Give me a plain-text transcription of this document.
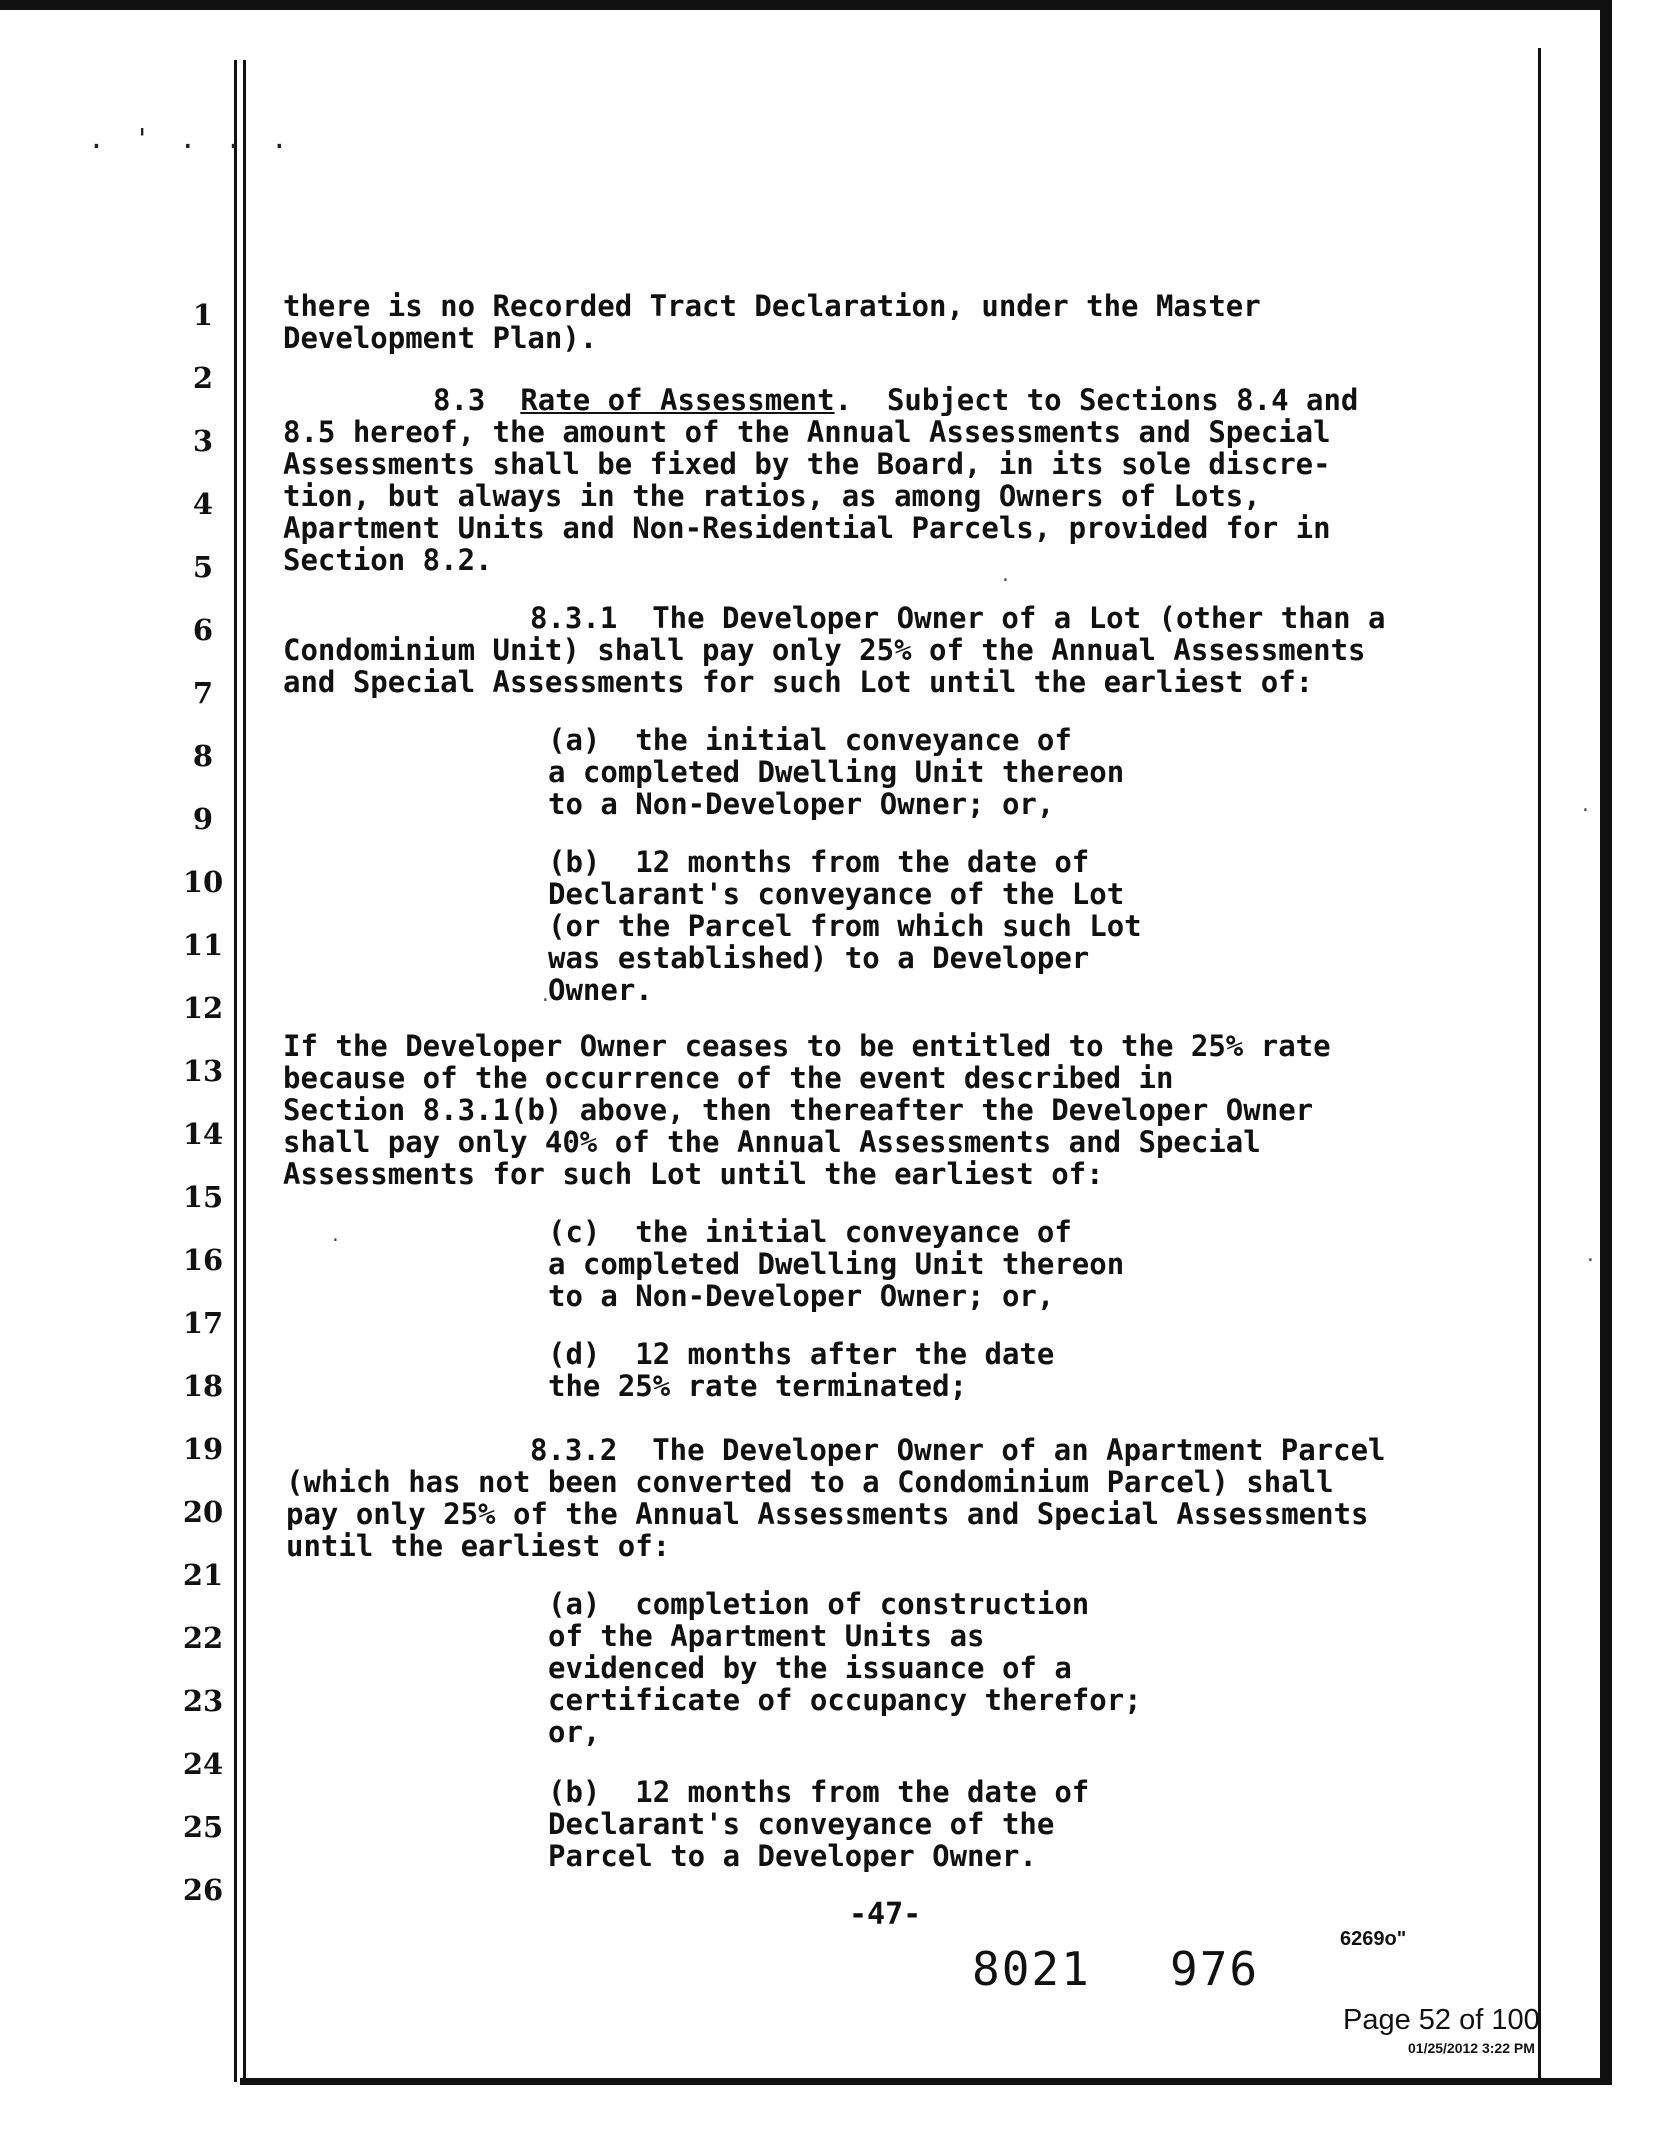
. ' . . .
1
2
3
4
5
6
7
8
9
10
11
12
13
14
15
16
17
18
19
20
21
22
23
24
25
26
there is no Recorded Tract Declaration, under the Master
Development Plan).
8.3 Rate of Assessment.  Subject to Sections 8.4 and
8.5 hereof, the amount of the Annual Assessments and Special
Assessments shall be fixed by the Board, in its sole discre-
tion, but always in the ratios, as among Owners of Lots,
Apartment Units and Non-Residential Parcels, provided for in
Section 8.2.
8.3.1  The Developer Owner of a Lot (other than a
Condominium Unit) shall pay only 25% of the Annual Assessments
and Special Assessments for such Lot until the earliest of:
(a)  the initial conveyance of
a completed Dwelling Unit thereon
to a Non-Developer Owner; or,
(b)  12 months from the date of
Declarant's conveyance of the Lot
(or the Parcel from which such Lot
was established) to a Developer
Owner.
If the Developer Owner ceases to be entitled to the 25% rate
because of the occurrence of the event described in
Section 8.3.1(b) above, then thereafter the Developer Owner
shall pay only 40% of the Annual Assessments and Special
Assessments for such Lot until the earliest of:
(c)  the initial conveyance of
a completed Dwelling Unit thereon
to a Non-Developer Owner; or,
(d)  12 months after the date
the 25% rate terminated;
8.3.2  The Developer Owner of an Apartment Parcel
(which has not been converted to a Condominium Parcel) shall
pay only 25% of the Annual Assessments and Special Assessments
until the earliest of:
(a)  completion of construction
of the Apartment Units as
evidenced by the issuance of a
certificate of occupancy therefor;
or,
(b)  12 months from the date of
Declarant's conveyance of the
Parcel to a Developer Owner.
-47-
8021 976
6269o"
Page 52 of 100
01/25/2012 3:22 PM
·
·
·
·
·
